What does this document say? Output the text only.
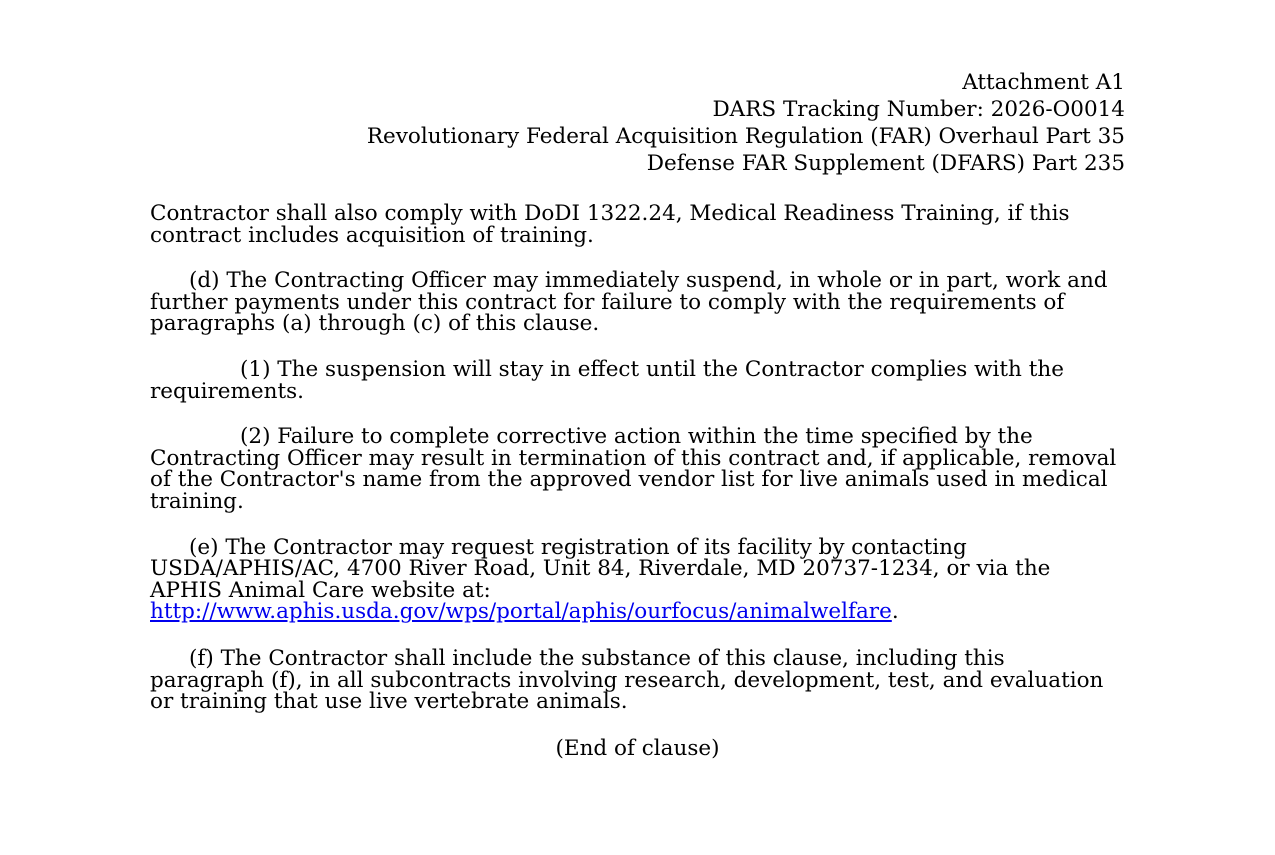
Attachment A1
DARS Tracking Number: 2026-O0014
Revolutionary Federal Acquisition Regulation (FAR) Overhaul Part 35
Defense FAR Supplement (DFARS) Part 235

Contractor shall also comply with DoDI 1322.24, Medical Readiness Training, if this contract includes acquisition of training.

(d) The Contracting Officer may immediately suspend, in whole or in part, work and further payments under this contract for failure to comply with the requirements of paragraphs (a) through (c) of this clause.

(1) The suspension will stay in effect until the Contractor complies with the requirements.

(2) Failure to complete corrective action within the time specified by the Contracting Officer may result in termination of this contract and, if applicable, removal of the Contractor's name from the approved vendor list for live animals used in medical training.

(e) The Contractor may request registration of its facility by contacting USDA/APHIS/AC, 4700 River Road, Unit 84, Riverdale, MD 20737-1234, or via the APHIS Animal Care website at: http://www.aphis.usda.gov/wps/portal/aphis/ourfocus/animalwelfare.

(f) The Contractor shall include the substance of this clause, including this paragraph (f), in all subcontracts involving research, development, test, and evaluation or training that use live vertebrate animals.

(End of clause)
